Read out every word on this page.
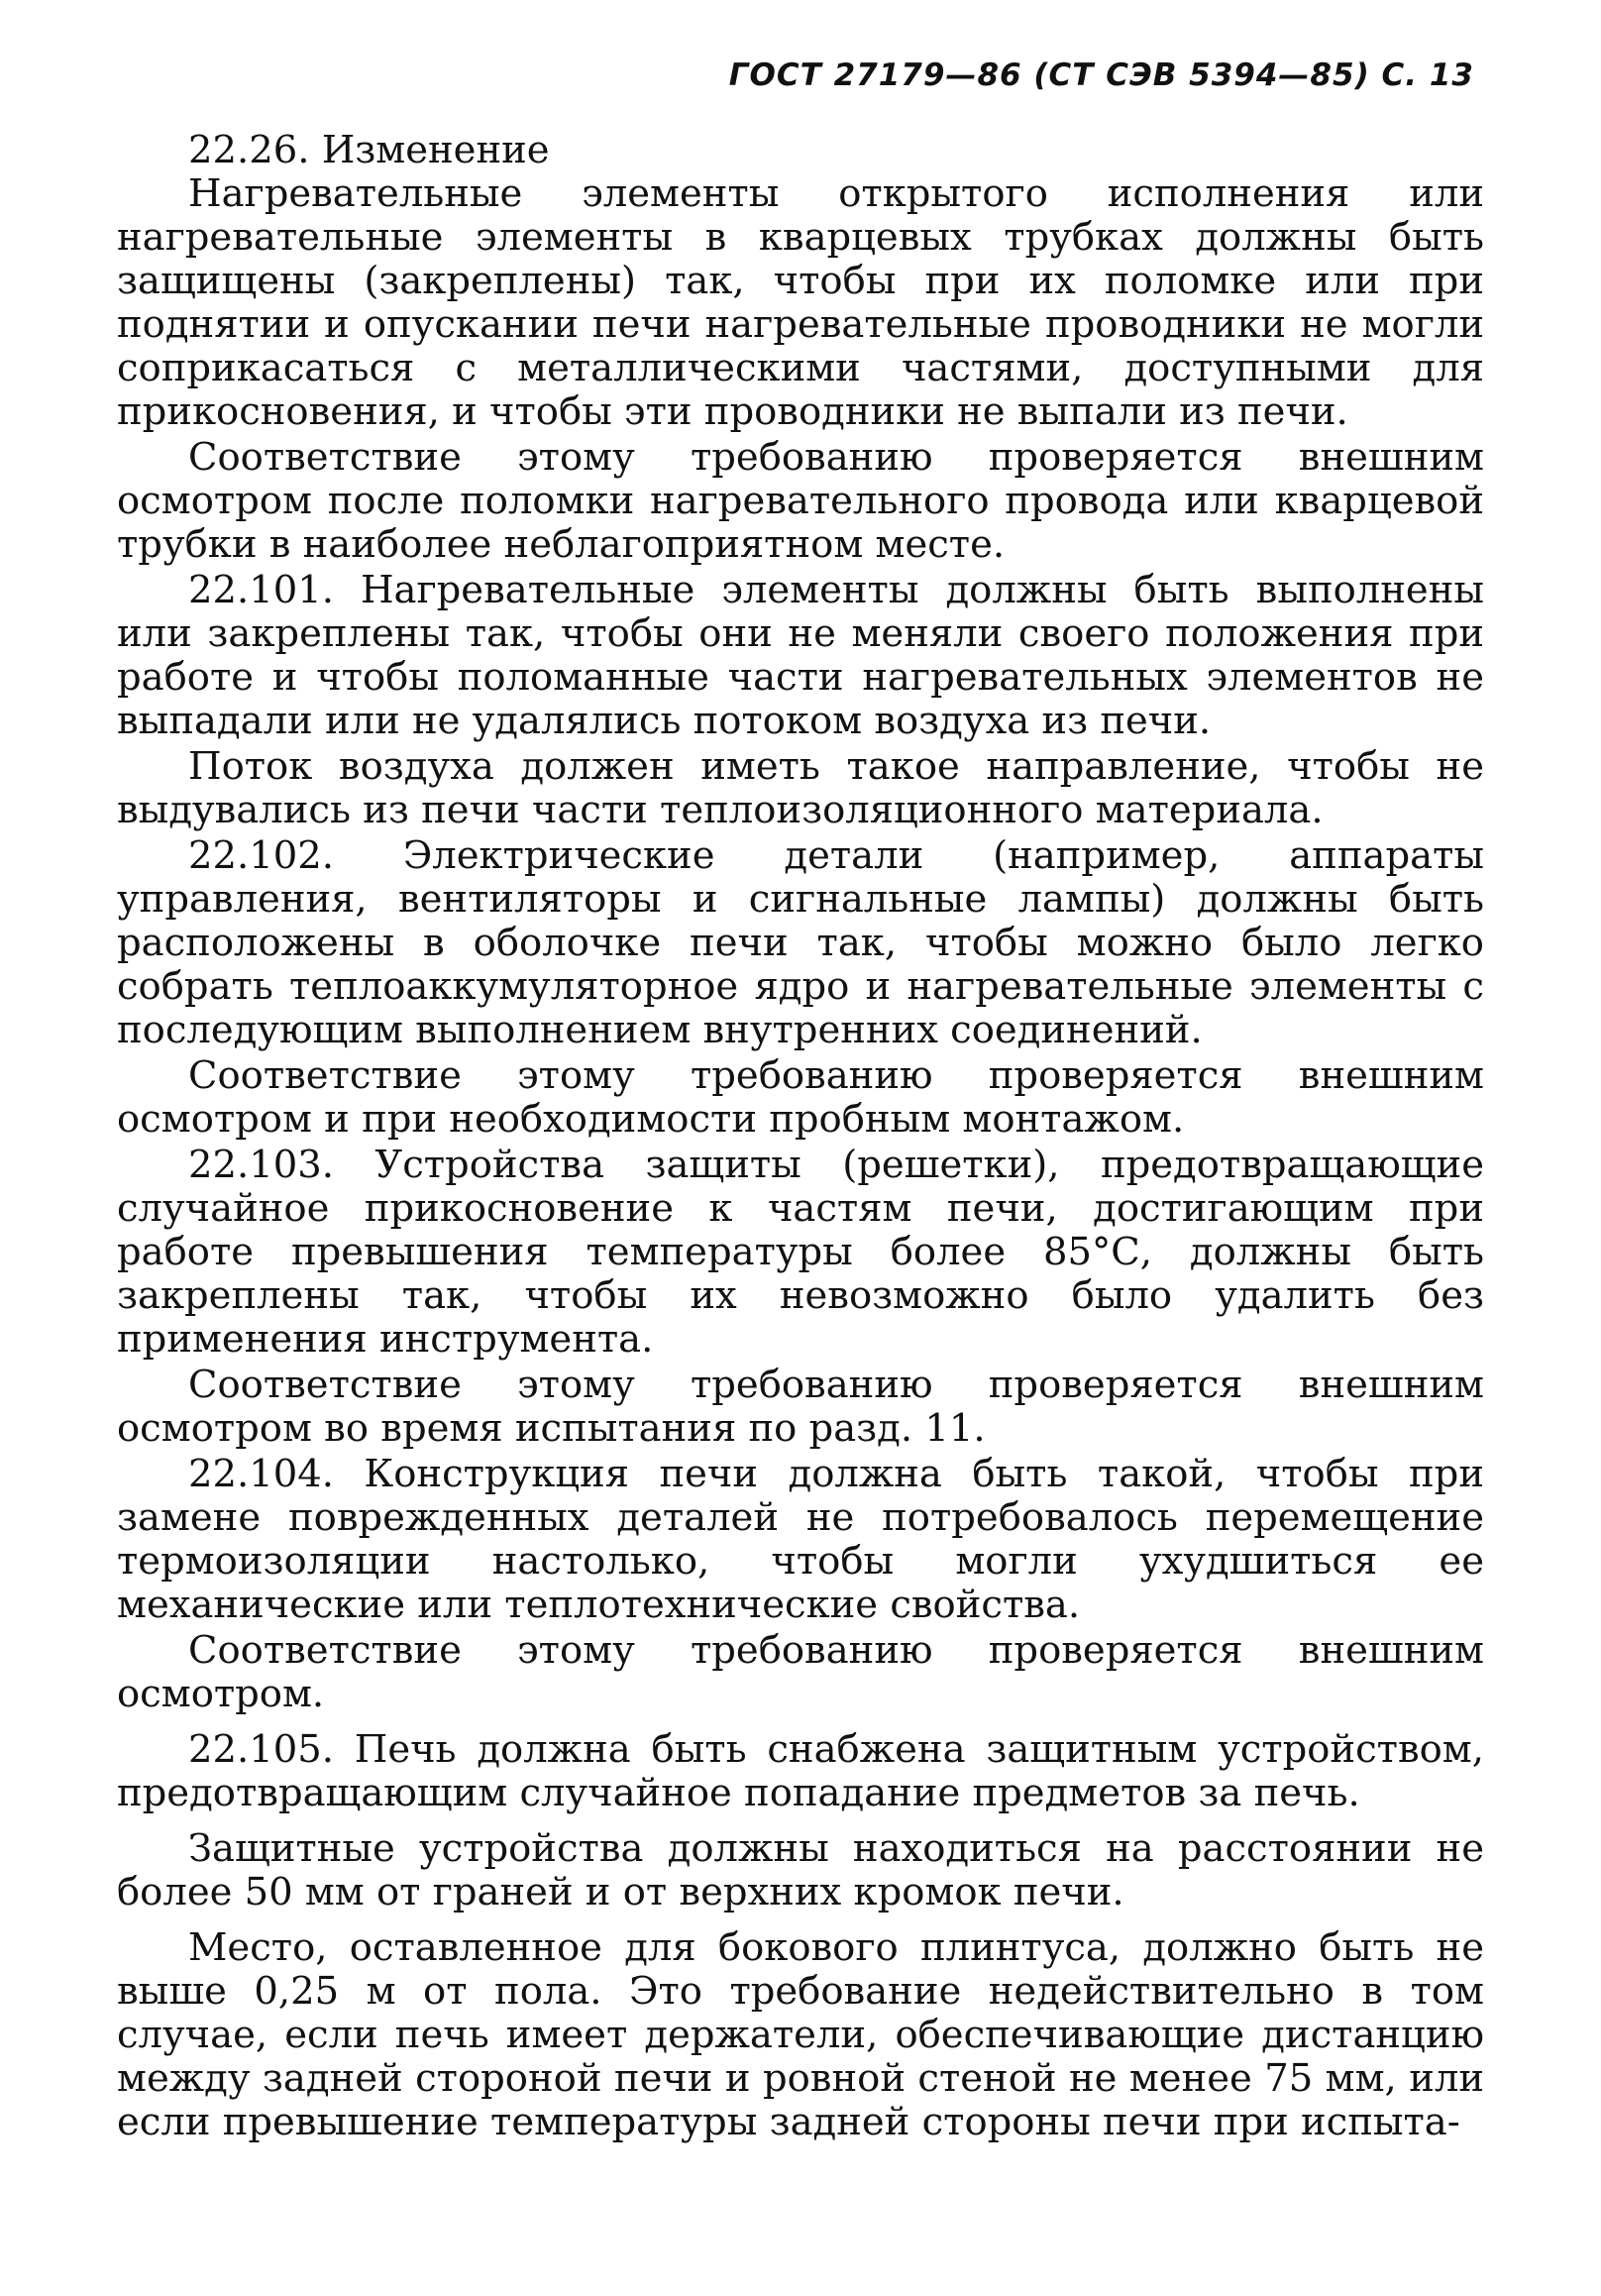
ГОСТ 27179—86 (СТ СЭВ 5394—85) С. 13

22.26. Изменение

Нагревательные элементы открытого исполнения или нагревательные элементы в кварцевых трубках должны быть защищены (закреплены) так, чтобы при их поломке или при поднятии и опускании печи нагревательные проводники не могли соприкасаться с металлическими частями, доступными для прикосновения, и чтобы эти проводники не выпали из печи.

Соответствие этому требованию проверяется внешним осмотром после поломки нагревательного провода или кварцевой трубки в наиболее неблагоприятном месте.

22.101. Нагревательные элементы должны быть выполнены или закреплены так, чтобы они не меняли своего положения при работе и чтобы поломанные части нагревательных элементов не выпадали или не удалялись потоком воздуха из печи.

Поток воздуха должен иметь такое направление, чтобы не выдувались из печи части теплоизоляционного материала.

22.102. Электрические детали (например, аппараты управления, вентиляторы и сигнальные лампы) должны быть расположены в оболочке печи так, чтобы можно было легко собрать теплоаккумуляторное ядро и нагревательные элементы с последующим выполнением внутренних соединений.

Соответствие этому требованию проверяется внешним осмотром и при необходимости пробным монтажом.

22.103. Устройства защиты (решетки), предотвращающие случайное прикосновение к частям печи, достигающим при работе превышения температуры более 85°С, должны быть закреплены так, чтобы их невозможно было удалить без применения инструмента.

Соответствие этому требованию проверяется внешним осмотром во время испытания по разд. 11.

22.104. Конструкция печи должна быть такой, чтобы при замене поврежденных деталей не потребовалось перемещение термоизоляции настолько, чтобы могли ухудшиться ее механические или теплотехнические свойства.

Соответствие этому требованию проверяется внешним осмотром.

22.105. Печь должна быть снабжена защитным устройством, предотвращающим случайное попадание предметов за печь.

Защитные устройства должны находиться на расстоянии не более 50 мм от граней и от верхних кромок печи.

Место, оставленное для бокового плинтуса, должно быть не выше 0,25 м от пола. Это требование недействительно в том случае, если печь имеет держатели, обеспечивающие дистанцию между задней стороной печи и ровной стеной не менее 75 мм, или если превышение температуры задней стороны печи при испыта-
